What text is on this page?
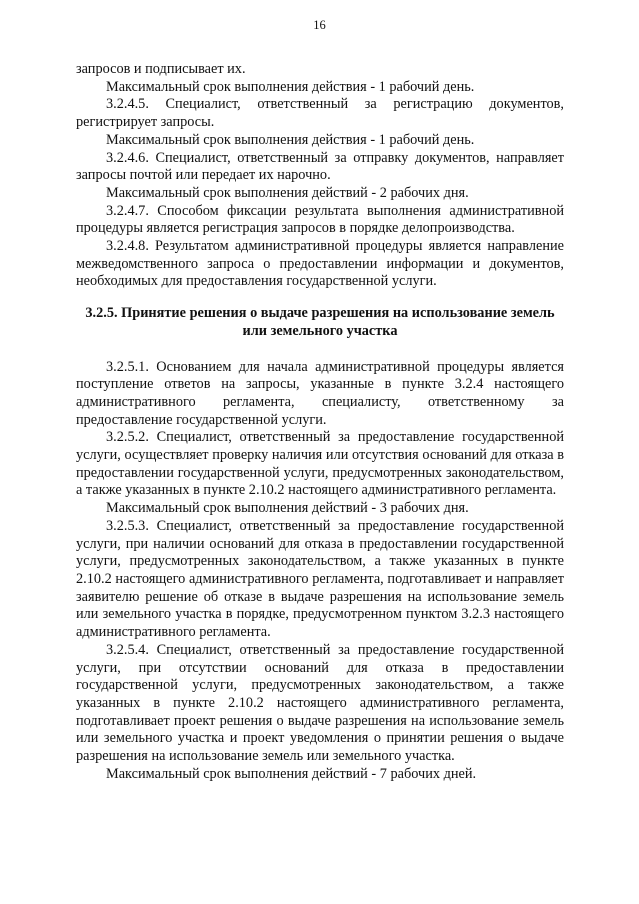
16

запросов и подписывает их.

Максимальный срок выполнения действия - 1 рабочий день.

3.2.4.5. Специалист, ответственный за регистрацию документов, регистрирует запросы.

Максимальный срок выполнения действия - 1 рабочий день.

3.2.4.6. Специалист, ответственный за отправку документов, направляет запросы почтой или передает их нарочно.

Максимальный срок выполнения действий - 2 рабочих дня.

3.2.4.7. Способом фиксации результата выполнения административной процедуры является регистрация запросов в порядке делопроизводства.

3.2.4.8. Результатом административной процедуры является направление межведомственного запроса о предоставлении информации и документов, необходимых для предоставления государственной услуги.

3.2.5. Принятие решения о выдаче разрешения на использование земель или земельного участка

3.2.5.1. Основанием для начала административной процедуры является поступление ответов на запросы, указанные в пункте 3.2.4 настоящего административного регламента, специалисту, ответственному за предоставление государственной услуги.

3.2.5.2. Специалист, ответственный за предоставление государственной услуги, осуществляет проверку наличия или отсутствия оснований для отказа в предоставлении государственной услуги, предусмотренных законодательством, а также указанных в пункте 2.10.2 настоящего административного регламента.

Максимальный срок выполнения действий - 3 рабочих дня.

3.2.5.3. Специалист, ответственный за предоставление государственной услуги, при наличии оснований для отказа в предоставлении государственной услуги, предусмотренных законодательством, а также указанных в пункте 2.10.2 настоящего административного регламента, подготавливает и направляет заявителю решение об отказе в выдаче разрешения на использование земель или земельного участка в порядке, предусмотренном пунктом 3.2.3 настоящего административного регламента.

3.2.5.4. Специалист, ответственный за предоставление государственной услуги, при отсутствии оснований для отказа в предоставлении государственной услуги, предусмотренных законодательством, а также указанных в пункте 2.10.2 настоящего административного регламента, подготавливает проект решения о выдаче разрешения на использование земель или земельного участка и проект уведомления о принятии решения о выдаче разрешения на использование земель или земельного участка.

Максимальный срок выполнения действий - 7 рабочих дней.
